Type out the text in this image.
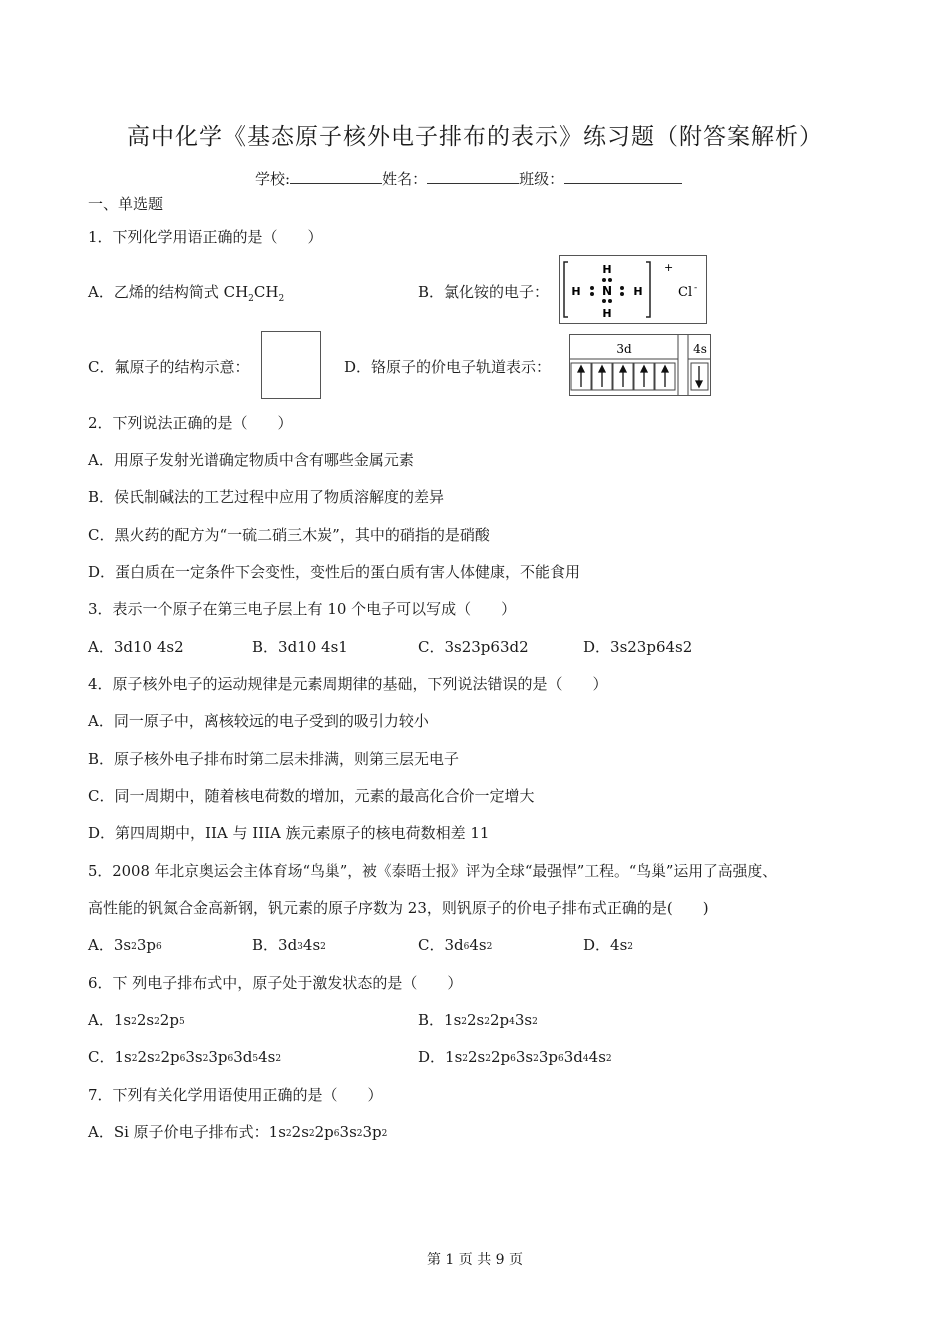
高中化学《基态原子核外电子排布的表示》练习题（附答案解析）
学校:	姓名：	班级：
一、单选题
1．下列化学用语正确的是（　　）
A．乙烯的结构简式 $CH_2CH_2$	B．氯化铵的电子：
H
H N H
H
+
Cl -
C．氟原子的结构示意：	D．铬原子的价电子轨道表示：
3d	4s
2．下列说法正确的是（　　）
A．用原子发射光谱确定物质中含有哪些金属元素
B．侯氏制碱法的工艺过程中应用了物质溶解度的差异
C．黑火药的配方为“一硫二硝三木炭”，其中的硝指的是硝酸
D．蛋白质在一定条件下会变性，变性后的蛋白质有害人体健康，不能食用
3．表示一个原子在第三电子层上有 10 个电子可以写成（　　）
A．3d10 4s2	B．3d10 4s1	C．3s23p63d2	D．3s23p64s2
4．原子核外电子的运动规律是元素周期律的基础，下列说法错误的是（　　）
A．同一原子中，离核较远的电子受到的吸引力较小
B．原子核外电子排布时第二层未排满，则第三层无电子
C．同一周期中，随着核电荷数的增加，元素的最高化合价一定增大
D．第四周期中，IIA 与 IIIA 族元素原子的核电荷数相差 11
5．2008 年北京奥运会主体育场“鸟巢”，被《泰晤士报》评为全球“最强悍”工程。“鸟巢”运用了高强度、
高性能的钒氮合金高新钢，钒元素的原子序数为 23，则钒原子的价电子排布式正确的是(　　)
A．3s23p6	B．3d34s2	C．3d64s2	D．4s2
6．下 列电子排布式中，原子处于激发状态的是（　　）
A．1s22s22p5	B．1s22s22p43s2
C．1s22s22p63s23p63d54s2	D．1s22s22p63s23p63d44s2
7．下列有关化学用语使用正确的是（　　）
A．Si 原子价电子排布式：1s22s22p63s23p2
第 1 页 共 9 页
